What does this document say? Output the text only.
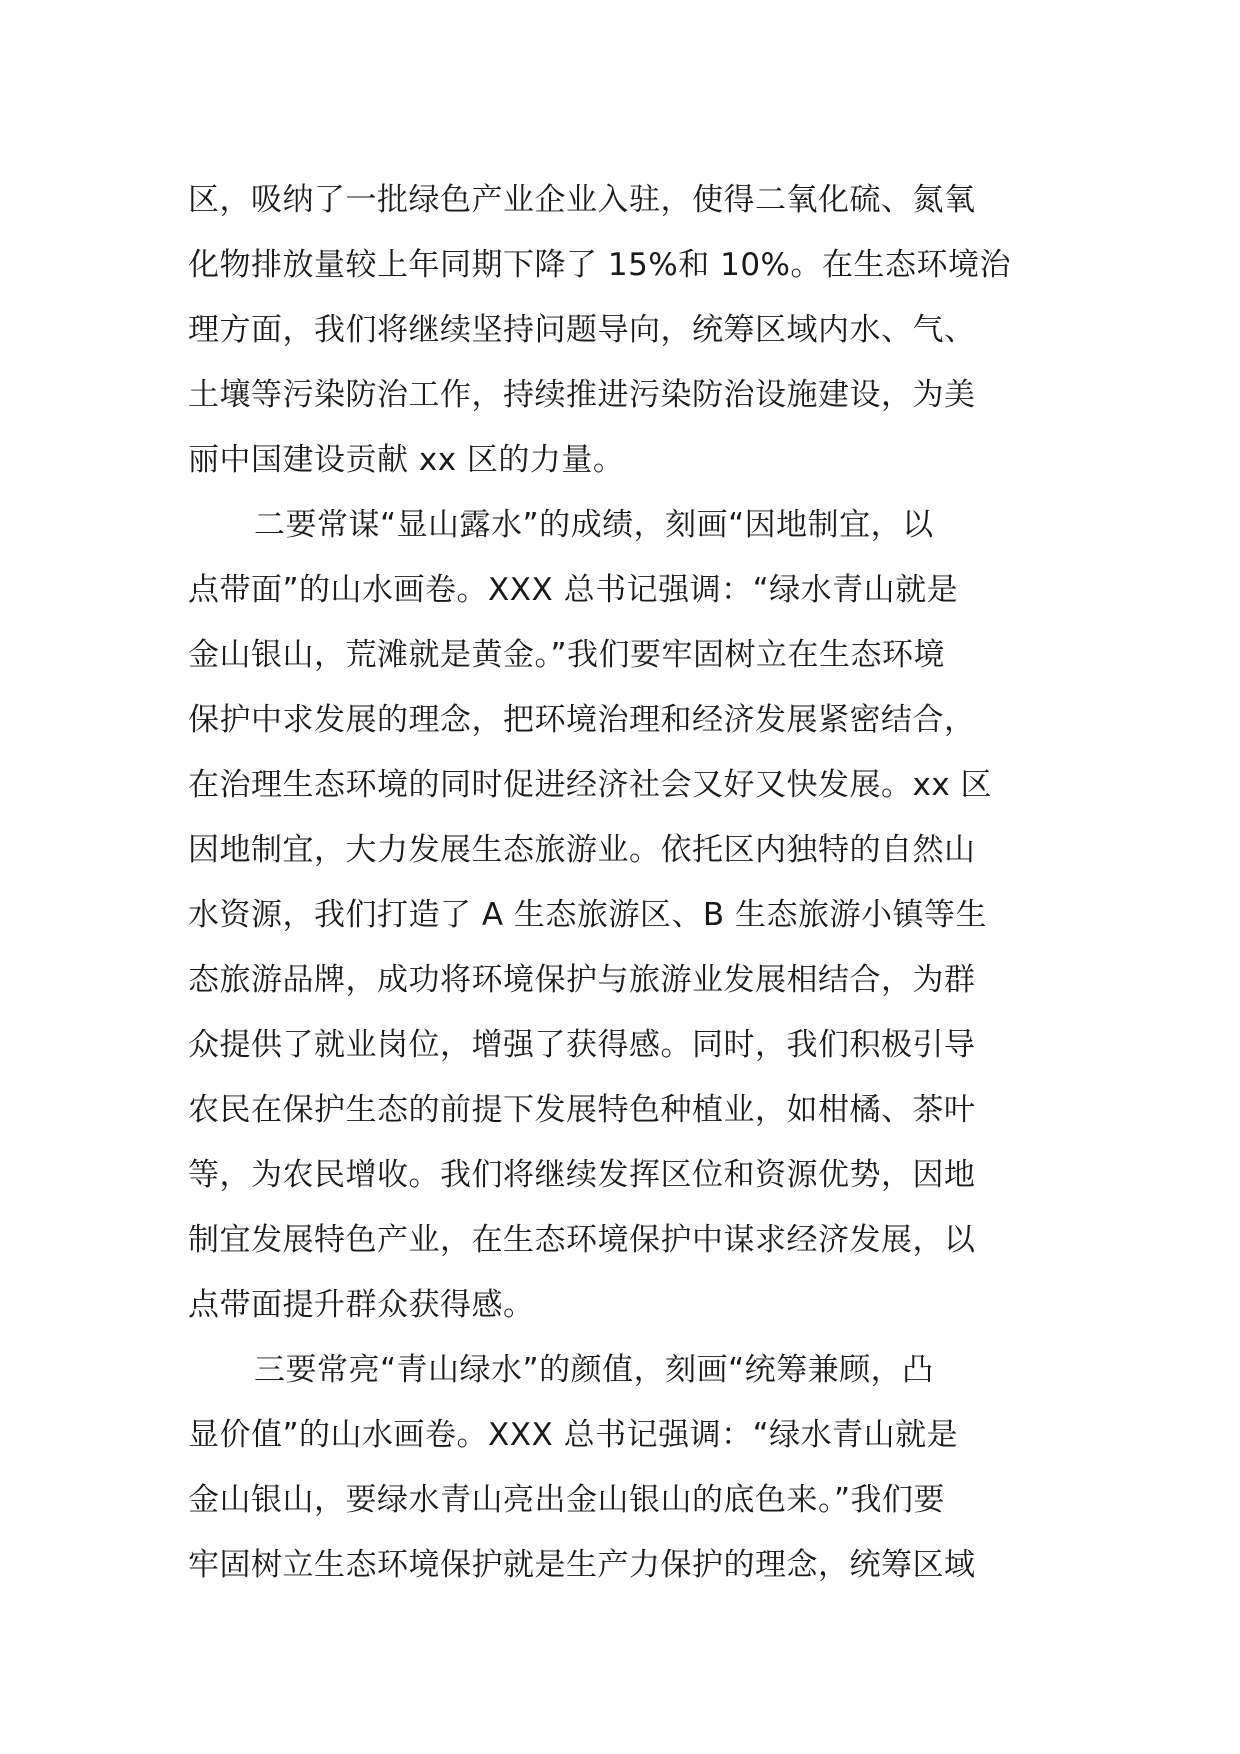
区，吸纳了一批绿色产业企业入驻，使得二氧化硫、氮氧
化物排放量较上年同期下降了 15%和 10%。在生态环境治
理方面，我们将继续坚持问题导向，统筹区域内水、气、
土壤等污染防治工作，持续推进污染防治设施建设，为美
丽中国建设贡献 xx 区的力量。
二要常谋“显山露水”的成绩，刻画“因地制宜，以
点带面”的山水画卷。XXX 总书记强调：“绿水青山就是
金山银山，荒滩就是黄金。”我们要牢固树立在生态环境
保护中求发展的理念，把环境治理和经济发展紧密结合，
在治理生态环境的同时促进经济社会又好又快发展。xx 区
因地制宜，大力发展生态旅游业。依托区内独特的自然山
水资源，我们打造了 A 生态旅游区、B 生态旅游小镇等生
态旅游品牌，成功将环境保护与旅游业发展相结合，为群
众提供了就业岗位，增强了获得感。同时，我们积极引导
农民在保护生态的前提下发展特色种植业，如柑橘、茶叶
等，为农民增收。我们将继续发挥区位和资源优势，因地
制宜发展特色产业，在生态环境保护中谋求经济发展，以
点带面提升群众获得感。
三要常亮“青山绿水”的颜值，刻画“统筹兼顾，凸
显价值”的山水画卷。XXX 总书记强调：“绿水青山就是
金山银山，要绿水青山亮出金山银山的底色来。”我们要
牢固树立生态环境保护就是生产力保护的理念，统筹区域
